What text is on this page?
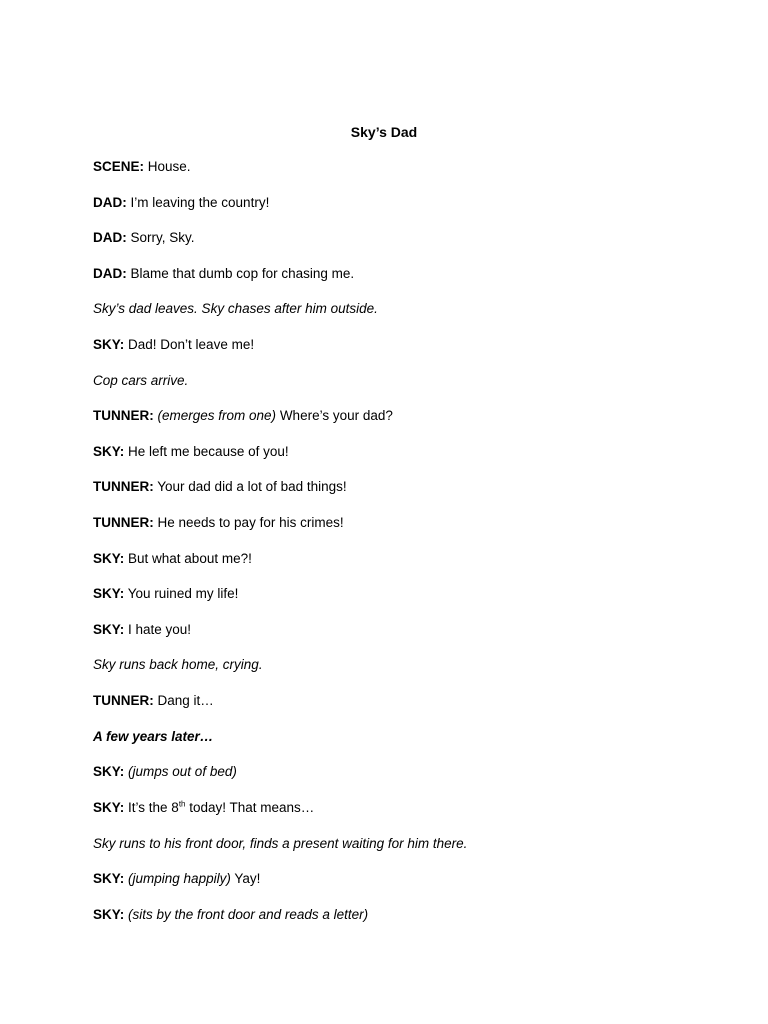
Sky’s Dad
SCENE: House.
DAD: I’m leaving the country!
DAD: Sorry, Sky.
DAD: Blame that dumb cop for chasing me.
Sky’s dad leaves. Sky chases after him outside.
SKY: Dad! Don’t leave me!
Cop cars arrive.
TUNNER: (emerges from one) Where’s your dad?
SKY: He left me because of you!
TUNNER: Your dad did a lot of bad things!
TUNNER: He needs to pay for his crimes!
SKY: But what about me?!
SKY: You ruined my life!
SKY: I hate you!
Sky runs back home, crying.
TUNNER: Dang it…
A few years later…
SKY: (jumps out of bed)
SKY: It’s the 8th today! That means…
Sky runs to his front door, finds a present waiting for him there.
SKY: (jumping happily) Yay!
SKY: (sits by the front door and reads a letter)
